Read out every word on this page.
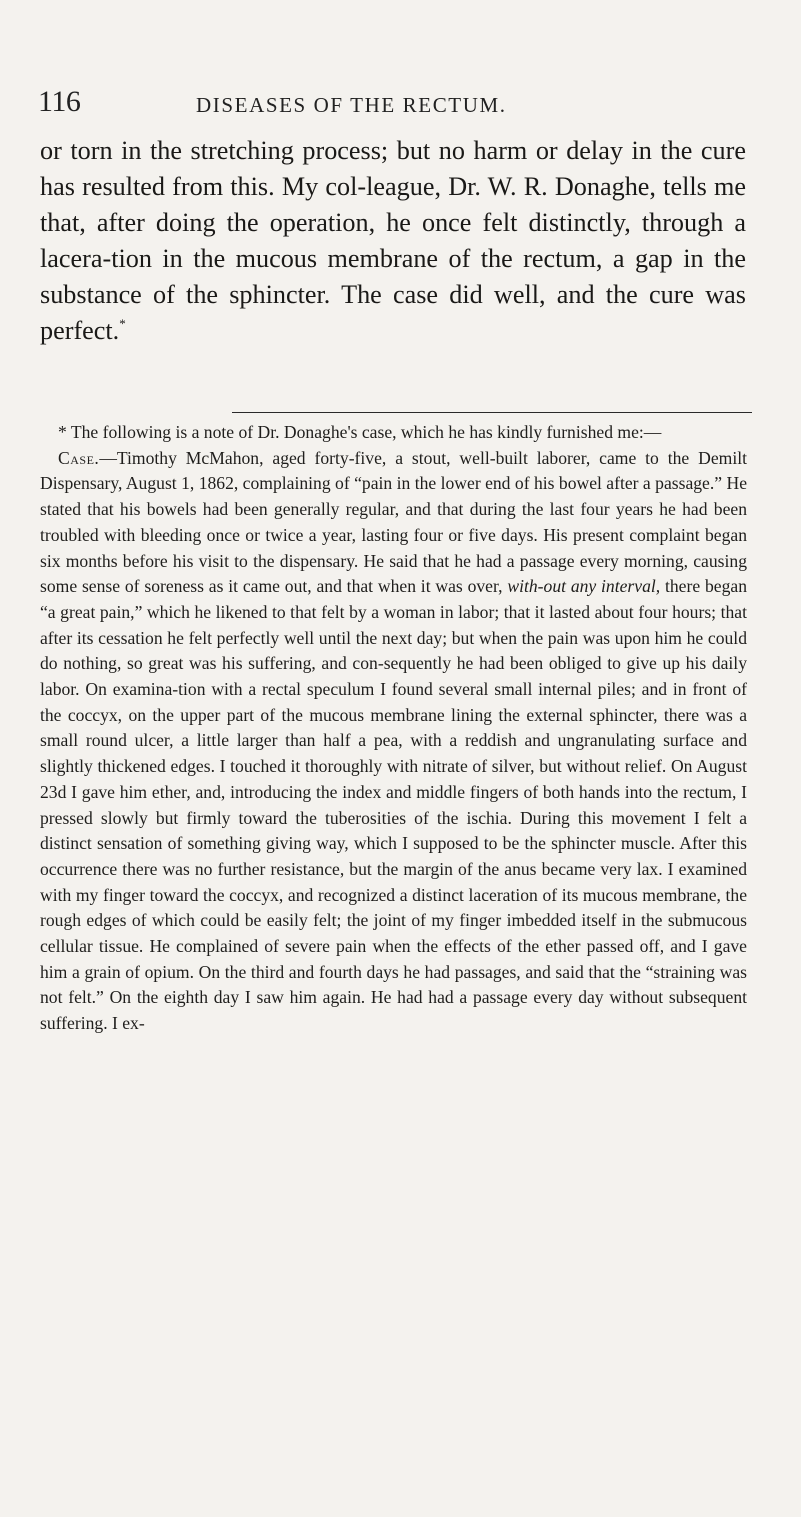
116	DISEASES OF THE RECTUM.
or torn in the stretching process; but no harm or delay in the cure has resulted from this. My col-league, Dr. W. R. Donaghe, tells me that, after doing the operation, he once felt distinctly, through a lacera-tion in the mucous membrane of the rectum, a gap in the substance of the sphincter. The case did well, and the cure was perfect.*

* The following is a note of Dr. Donaghe's case, which he has kindly furnished me:—

Case.—Timothy McMahon, aged forty-five, a stout, well-built laborer, came to the Demilt Dispensary, August 1, 1862, complaining of “pain in the lower end of his bowel after a passage.” He stated that his bowels had been generally regular, and that during the last four years he had been troubled with bleeding once or twice a year, lasting four or five days. His present complaint began six months before his visit to the dispensary. He said that he had a passage every morning, causing some sense of soreness as it came out, and that when it was over, with-out any interval, there began “a great pain,” which he likened to that felt by a woman in labor; that it lasted about four hours; that after its cessation he felt perfectly well until the next day; but when the pain was upon him he could do nothing, so great was his suffering, and con-sequently he had been obliged to give up his daily labor. On examina-tion with a rectal speculum I found several small internal piles; and in front of the coccyx, on the upper part of the mucous membrane lining the external sphincter, there was a small round ulcer, a little larger than half a pea, with a reddish and ungranulating surface and slightly thickened edges. I touched it thoroughly with nitrate of silver, but without relief. On August 23d I gave him ether, and, introducing the index and middle fingers of both hands into the rectum, I pressed slowly but firmly toward the tuberosities of the ischia. During this movement I felt a distinct sensation of something giving way, which I supposed to be the sphincter muscle. After this occurrence there was no further resistance, but the margin of the anus became very lax. I examined with my finger toward the coccyx, and recognized a distinct laceration of its mucous membrane, the rough edges of which could be easily felt; the joint of my finger imbedded itself in the submucous cellular tissue. He complained of severe pain when the effects of the ether passed off, and I gave him a grain of opium. On the third and fourth days he had passages, and said that the “straining was not felt.” On the eighth day I saw him again. He had had a passage every day without subsequent suffering. I ex-
